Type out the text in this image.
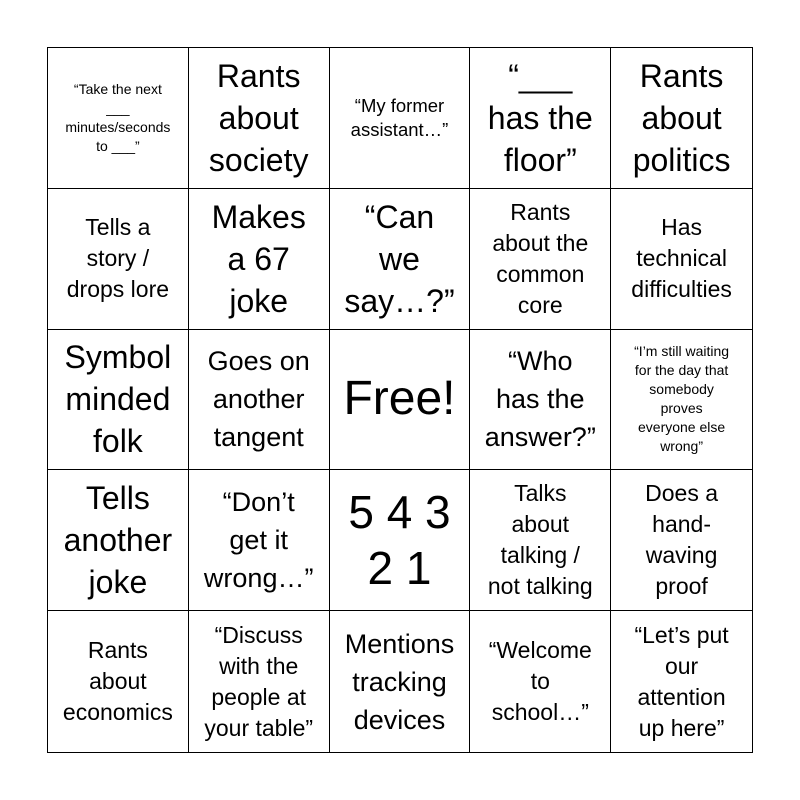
“Take the next
___
minutes/seconds
to ___”
Rants
about
society
“My former
assistant…”
“___
has the
floor”
Rants
about
politics
Tells a
story /
drops lore
Makes
a 67
joke
“Can
we
say…?”
Rants
about the
common
core
Has
technical
difficulties
Symbol
minded
folk
Goes on
another
tangent
Free!
“Who
has the
answer?”
“I’m still waiting
for the day that
somebody
proves
everyone else
wrong”
Tells
another
joke
“Don’t
get it
wrong…”
5 4 3
2 1
Talks
about
talking /
not talking
Does a
hand-
waving
proof
Rants
about
economics
“Discuss
with the
people at
your table”
Mentions
tracking
devices
“Welcome
to
school…”
“Let’s put
our
attention
up here”
